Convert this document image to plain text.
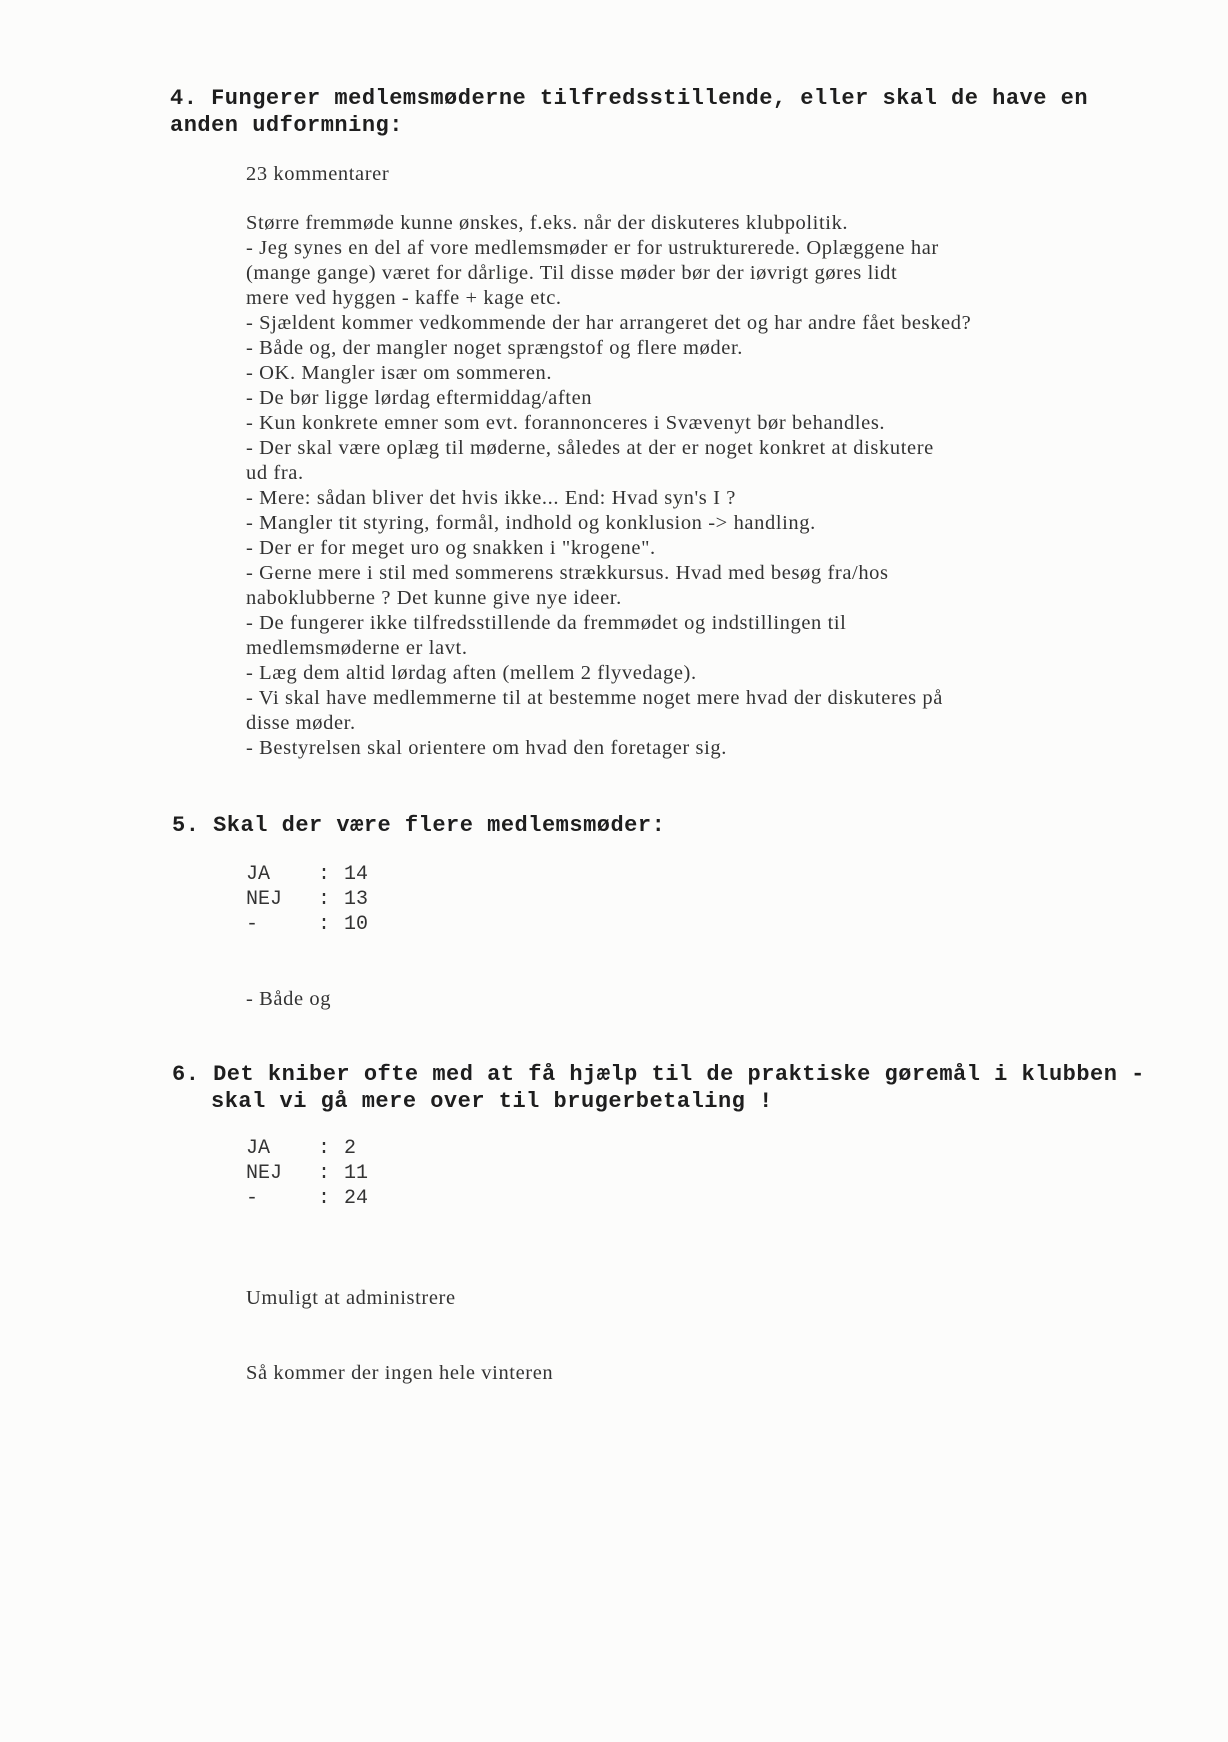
4. Fungerer medlemsmøderne tilfredsstillende, eller skal de have en
anden udformning:
23 kommentarer
Større fremmøde kunne ønskes, f.eks. når der diskuteres klubpolitik.
- Jeg synes en del af vore medlemsmøder er for ustrukturerede. Oplæggene har
(mange gange) været for dårlige. Til disse møder bør der iøvrigt gøres lidt
mere ved hyggen - kaffe + kage etc.
- Sjældent kommer vedkommende der har arrangeret det og har andre fået besked?
- Både og, der mangler noget sprængstof og flere møder.
- OK. Mangler især om sommeren.
- De bør ligge lørdag eftermiddag/aften
- Kun konkrete emner som evt. forannonceres i Svævenyt bør behandles.
- Der skal være oplæg til møderne, således at der er noget konkret at diskutere
ud fra.
- Mere: sådan bliver det hvis ikke... End: Hvad syn's I ?
- Mangler tit styring, formål, indhold og konklusion -> handling.
- Der er for meget uro og snakken i "krogene".
- Gerne mere i stil med sommerens strækkursus. Hvad med besøg fra/hos
naboklubberne ? Det kunne give nye ideer.
- De fungerer ikke tilfredsstillende da fremmødet og indstillingen til
medlemsmøderne er lavt.
- Læg dem altid lørdag aften (mellem 2 flyvedage).
- Vi skal have medlemmerne til at bestemme noget mere hvad der diskuteres på
disse møder.
- Bestyrelsen skal orientere om hvad den foretager sig.
5. Skal der være flere medlemsmøder:
JA	: 14
NEJ	: 13
-	: 10
- Både og
6. Det kniber ofte med at få hjælp til de praktiske gøremål i klubben -
skal vi gå mere over til brugerbetaling !
JA	: 2
NEJ	: 11
-	: 24

Umuligt at administrere

Så kommer der ingen hele vinteren
